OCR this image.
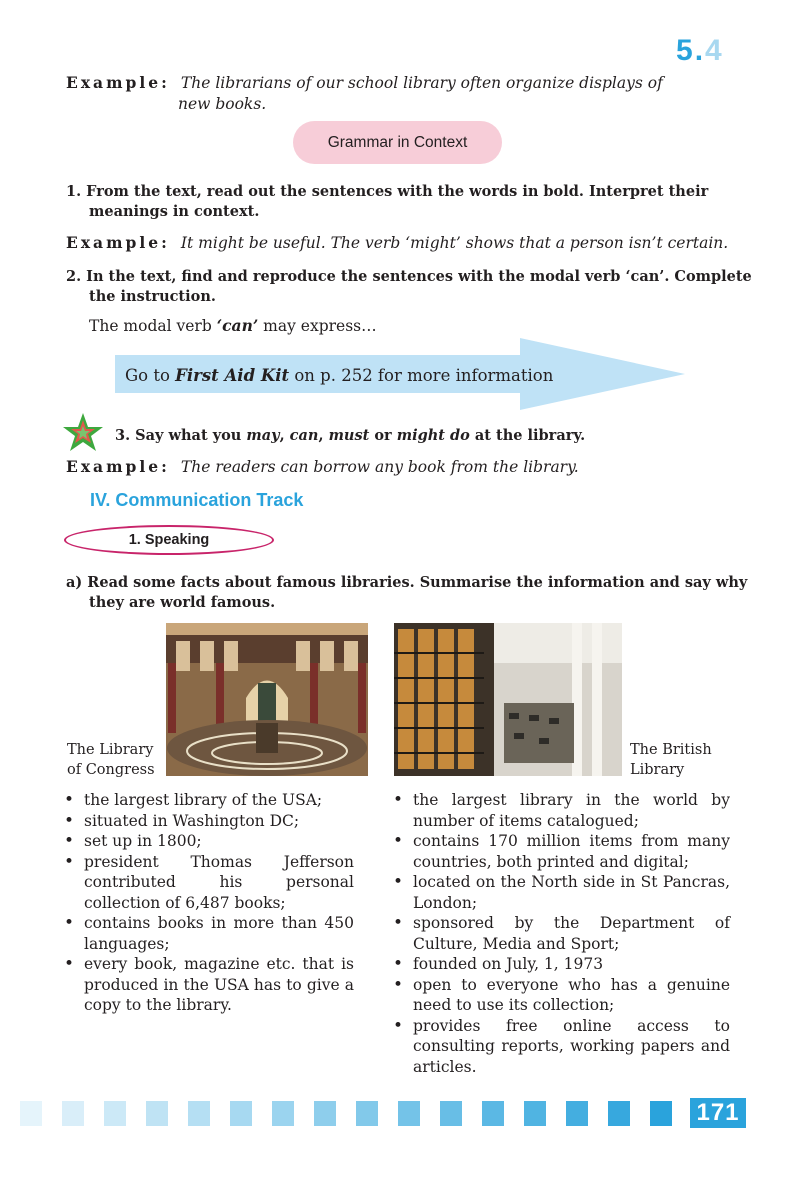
5.4
Example: The librarians of our school library often organize displays of
new books.
Grammar in Context
1. From the text, read out the sentences with the words in bold. Interpret their
meanings in context.
Example: It might be useful. The verb ‘might’ shows that a person isn’t certain.
2. In the text, find and reproduce the sentences with the modal verb ‘can’. Complete
the instruction.
The modal verb ‘can’ may express…
Go to First Aid Kit on p. 252 for more information
3. Say what you may, can, must or might do at the library.
Example: The readers can borrow any book from the library.
IV. Communication Track
1. Speaking
a) Read some facts about famous libraries. Summarise the information and say why
they are world famous.
The Library
of Congress
The British
Library
• the largest library of the USA;
• situated in Washington DC;
• set up in 1800;
• president Thomas Jefferson contributed his personal collection of 6,487 books;
• contains books in more than 450 languages;
• every book, magazine etc. that is produced in the USA has to give a copy to the library.
• the largest library in the world by number of items catalogued;
• contains 170 million items from many countries, both printed and digital;
• located on the North side in St Pancras, London;
• sponsored by the Department of Culture, Media and Sport;
• founded on July, 1, 1973
• open to everyone who has a genuine need to use its collection;
• provides free online access to consulting reports, working papers and articles.
171
